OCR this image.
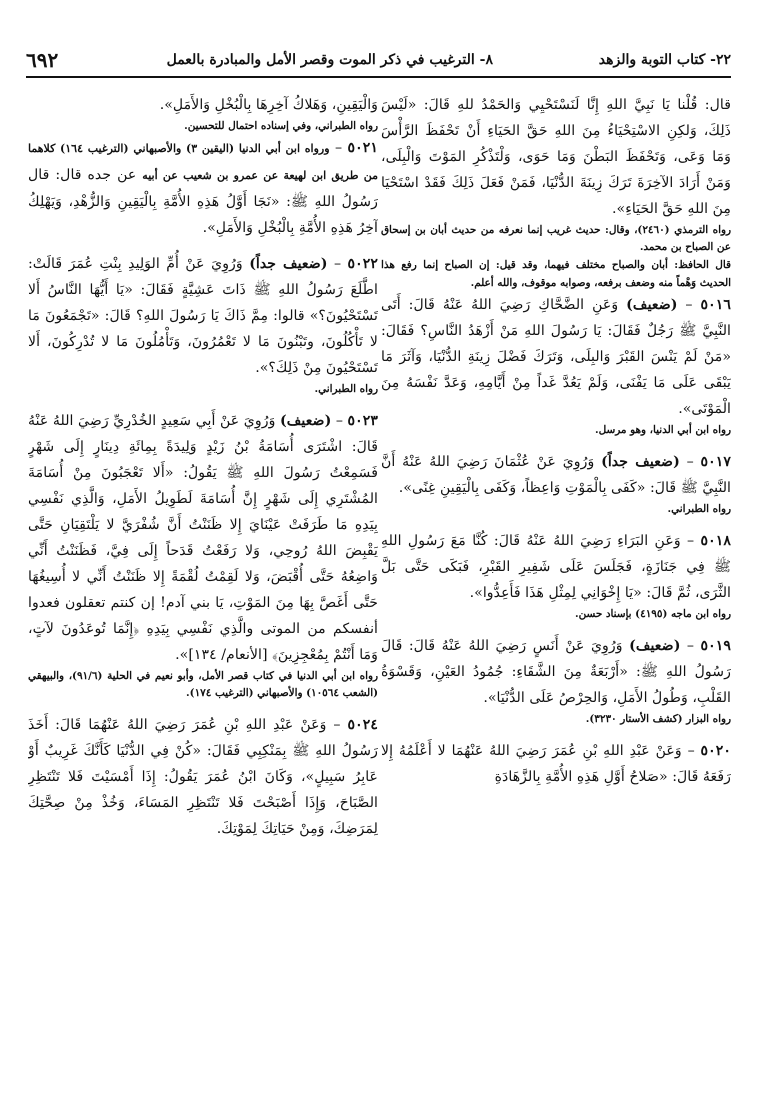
٢٢- كتاب التوبة والزهد
٨- الترغيب في ذكر الموت وقصر الأمل والمبادرة بالعمل
٦٩٢

قال: قُلْنا يَا نَبِيَّ اللهِ إِنَّا لَنَسْتَحْيِي وَالحَمْدُ للهِ قَالَ: «لَيْسَ ذَلِكَ، وَلكِنِ الاسْتِحْيَاءُ مِنَ اللهِ حَقَّ الحَيَاءِ أَنْ تَحْفَظَ الرَّأْسَ وَمَا وَعَى، وَتَحْفَظَ البَطْنَ وَمَا حَوَى، وَلْتَذْكُرِ المَوْتَ وَالْبِلَى، وَمَنْ أَرَادَ الآخِرَةَ تَرَكَ زِينَةَ الدُّنْيَا، فَمَنْ فَعَلَ ذَلِكَ فَقَدْ اسْتَحْيَا مِنَ اللهِ حَقَّ الحَيَاءِ».

رواه الترمذي (٢٤٦٠)، وقال: حديث غريب إنما نعرفه من حديث أبان بن إسحاق عن الصباح بن محمد.

قال الحافظ: أبان والصباح مختلف فيهما، وقد قيل: إن الصباح إنما رفع هذا الحديث وَهْماً منه وضعف برفعه، وصوابه موقوف، والله أعلم.

٥٠١٦ – (ضعيف) وَعَنِ الضَّحَّاكِ رَضِيَ اللهُ عَنْهُ قَالَ: أَتَى النَّبِيَّ ﷺ رَجُلٌ فَقَالَ: يَا رَسُولَ اللهِ مَنْ أَزْهَدُ النَّاسِ؟ فَقَالَ: «مَنْ لَمْ يَنْسَ القَبْرَ وَالبِلَى، وَتَرَكَ فَضْلَ زِينَةِ الدُّنْيَا، وَآثَرَ مَا يَبْقَى عَلَى مَا يَفْنَى، وَلَمْ يَعُدَّ غَداً مِنْ أَيَّامِهِ، وَعَدَّ نَفْسَهُ مِنَ الْمَوْتَى».

رواه ابن أبي الدنيا، وهو مرسل.

٥٠١٧ – (ضعيف جداً) وَرُوِيَ عَنْ عُثْمَانَ رَضِيَ اللهُ عَنْهُ أَنَّ النَّبِيَّ ﷺ قَالَ: «كَفَى بِالْمَوْتِ وَاعِظاً، وَكَفَى بِالْيَقِينِ غِنًى».

رواه الطبراني.

٥٠١٨ – وَعَنِ البَرَاءِ رَضِيَ اللهُ عَنْهُ قَالَ: كُنَّا مَعَ رَسُولِ اللهِ ﷺ فِي جَنَازَةٍ، فَجَلَسَ عَلَى شَفِيرِ القَبْرِ، فَبَكَى حَتَّى بَلَّ الثَّرَى، ثُمَّ قَالَ: «يَا إِخْوَانِي لِمِثْلِ هَذَا فَأَعِدُّوا».

رواه ابن ماجه (٤١٩٥) بإسناد حسن.

٥٠١٩ – (ضعيف) وَرُوِيَ عَنْ أَنَسٍ رَضِيَ اللهُ عَنْهُ قَالَ: قَالَ رَسُولُ اللهِ ﷺ: «أَرْبَعَةٌ مِنَ الشَّقَاءِ: جُمُودُ العَيْنِ، وَقَسْوَةُ القَلْبِ، وَطُولُ الأَمَلِ، وَالحِرْصُ عَلَى الدُّنْيَا».

رواه البزار (كشف الأستار ٣٢٣٠).

٥٠٢٠ – وَعَنْ عَبْدِ اللهِ بْنِ عُمَرَ رَضِيَ اللهُ عَنْهُمَا لا أَعْلَمُهُ إِلا رَفَعَهُ قَالَ: «صَلاحُ أَوَّلِ هَذِهِ الأُمَّةِ بِالزَّهَادَةِ

وَالْيَقِينِ، وَهَلاكُ آخِرِهَا بِالْبُخْلِ وَالأَمَلِ».

رواه الطبراني، وفي إسناده احتمال للتحسين.

٥٠٢١ – ورواه ابن أبي الدنيا (اليقين ٣) والأصبهاني (الترغيب ١٦٤) كلاهما من طريق ابن لهيعة عن عمرو بن شعيب عن أبيه عن جده قال: قال رَسُولُ اللهِ ﷺ: «نَجَا أَوَّلُ هَذِهِ الأُمَّةِ بِالْيَقِينِ وَالزُّهْدِ، وَيَهْلِكُ آخِرُ هَذِهِ الأُمَّةِ بِالْبُخْلِ وَالأَمَلِ».

٥٠٢٢ – (ضعيف جداً) وَرُوِيَ عَنْ أُمِّ الوَلِيدِ بِنْتِ عُمَرَ قَالَتْ: اطَّلَعَ رَسُولُ اللهِ ﷺ ذَاتَ عَشِيَّةٍ فَقَالَ: «يَا أَيُّهَا النَّاسُ أَلا تَسْتَحْيُونَ؟» قالوا: مِمَّ ذَاكَ يَا رَسُولَ اللهِ؟ قَالَ: «تَجْمَعُونَ مَا لا تَأْكُلُونَ، وتَبْنُونَ مَا لا تَعْمُرُونَ، وَتَأْمُلُونَ مَا لا تُدْرِكُونَ، أَلا تَسْتَحْيُونَ مِنْ ذَلِكَ؟».

رواه الطبراني.

٥٠٢٣ – (ضعيف) وَرُوِيَ عَنْ أَبِي سَعِيدٍ الخُدْرِيِّ رَضِيَ اللهُ عَنْهُ قَالَ: اشْتَرَى أُسَامَةُ بْنُ زَيْدٍ وَلِيدَةً بِمِائَةِ دِينَارٍ إِلَى شَهْرٍ فَسَمِعْتُ رَسُولَ اللهِ ﷺ يَقُولُ: «أَلا تَعْجَبُونَ مِنْ أُسَامَةَ المُشْتَرِي إِلَى شَهْرٍ إِنَّ أُسَامَةَ لَطَوِيلُ الأَمَلِ، وَالَّذِي نَفْسِي بِيَدِهِ مَا طَرَفَتْ عَيْنَايَ إِلا ظَنَنْتُ أَنَّ شُفْرَيَّ لا يَلْتَقِيَانِ حَتَّى يَقْبِضَ اللهُ رُوحِي، وَلا رَفَعْتُ قَدَحاً إِلَى فِيَّ، فَظَنَنْتُ أَنِّي وَاضِعُهُ حَتَّى أُقْبَضَ، وَلا لَقِمْتُ لُقْمَةً إِلا ظَنَنْتُ أَنِّي لا أُسِيغُهَا حَتَّى أَغَصَّ بِهَا مِنَ المَوْتِ، يَا بني آدم! إن كنتم تعقلون فعدوا أنفسكم من الموتى والَّذِي نَفْسِي بِيَدِهِ ﴿إِنَّمَا تُوعَدُونَ لآتٍ، وَمَا أَنْتُمْ بِمُعْجِزِينَ﴾ [الأنعام/ ١٣٤]».

رواه ابن أبي الدنيا في كتاب قصر الأمل، وأبو نعيم في الحلية (٩١/٦)، والبيهقي (الشعب ١٠٥٦٤) والأصبهاني (الترغيب ١٧٤).

٥٠٢٤ – وَعَنْ عَبْدِ اللهِ بْنِ عُمَرَ رَضِيَ اللهُ عَنْهُمَا قَالَ: أَخَذَ رَسُولُ اللهِ ﷺ بِمَنْكِبِي فَقَالَ: «كُنْ فِي الدُّنْيَا كَأَنَّكَ غَرِيبٌ أَوْ عَابِرُ سَبِيلٍ»، وَكَانَ ابْنُ عُمَرَ يَقُولُ: إِذَا أَمْسَيْتَ فَلا تَنْتَظِرِ الصَّبَاحَ، وَإِذَا أَصْبَحْتَ فَلا تَنْتَظِرِ المَسَاءَ، وَخُذْ مِنْ صِحَّتِكَ لِمَرَضِكَ، وَمِنْ حَيَاتِكَ لِمَوْتِكَ.
